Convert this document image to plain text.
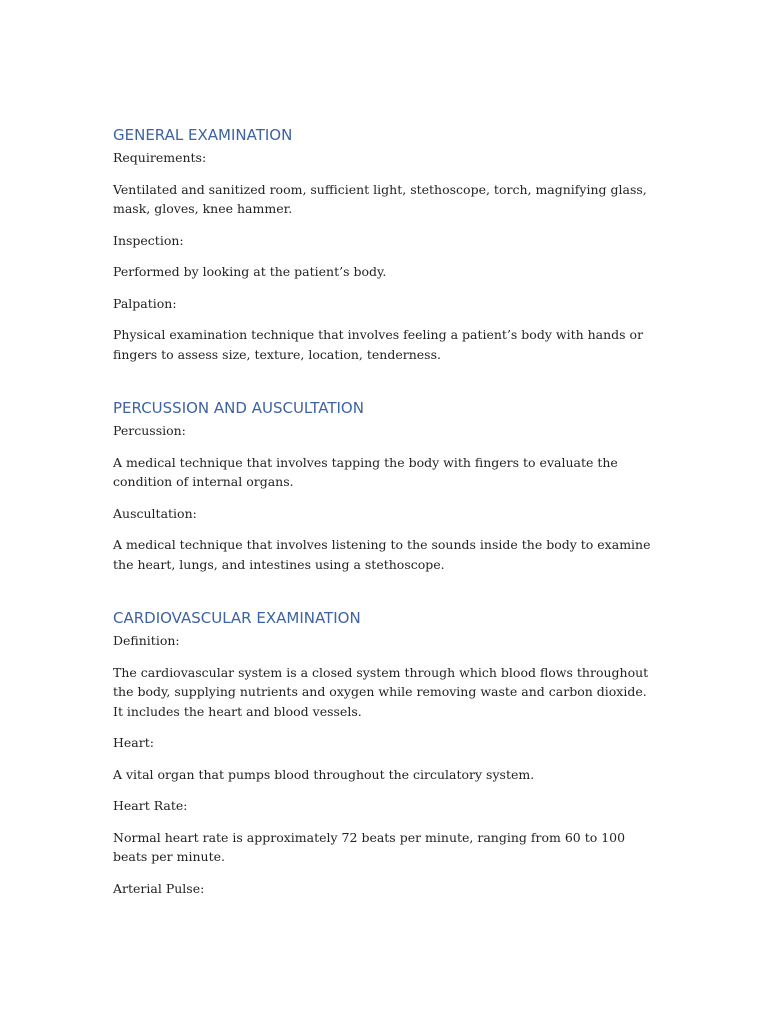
GENERAL EXAMINATION

Requirements:

Ventilated and sanitized room, sufficient light, stethoscope, torch, magnifying glass, mask, gloves, knee hammer.

Inspection:

Performed by looking at the patient’s body.

Palpation:

Physical examination technique that involves feeling a patient’s body with hands or fingers to assess size, texture, location, tenderness.

PERCUSSION AND AUSCULTATION

Percussion:

A medical technique that involves tapping the body with fingers to evaluate the condition of internal organs.

Auscultation:

A medical technique that involves listening to the sounds inside the body to examine the heart, lungs, and intestines using a stethoscope.

CARDIOVASCULAR EXAMINATION

Definition:

The cardiovascular system is a closed system through which blood flows throughout the body, supplying nutrients and oxygen while removing waste and carbon dioxide. It includes the heart and blood vessels.

Heart:

A vital organ that pumps blood throughout the circulatory system.

Heart Rate:

Normal heart rate is approximately 72 beats per minute, ranging from 60 to 100 beats per minute.

Arterial Pulse:
